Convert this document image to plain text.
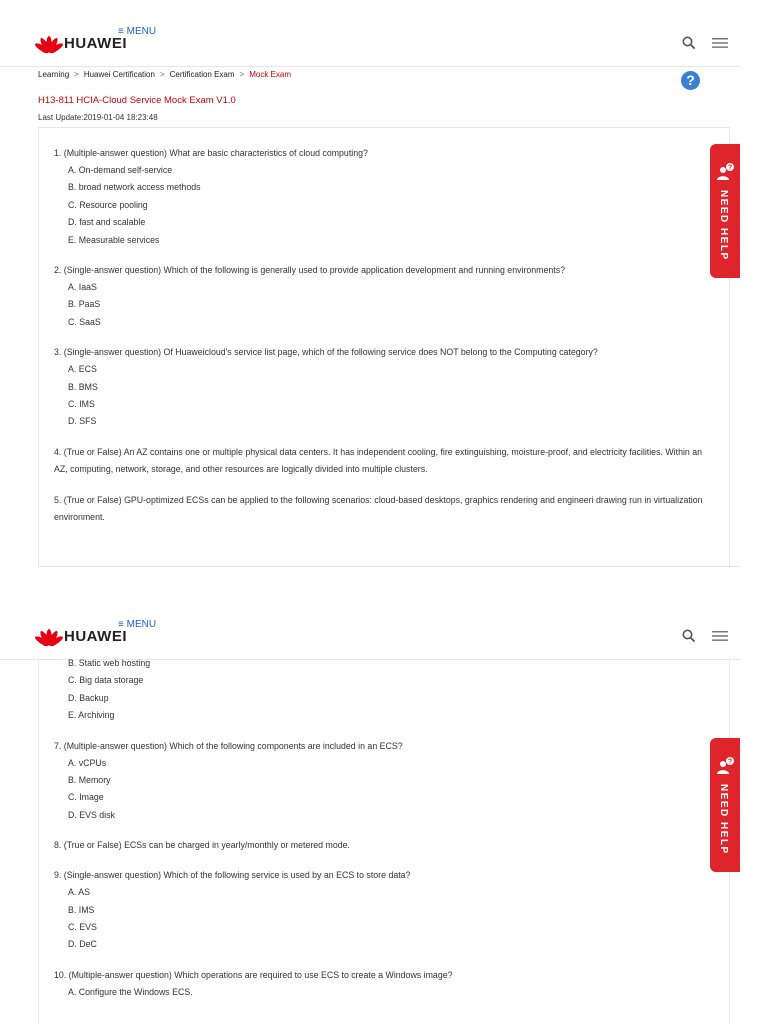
HUAWEI
≡ MENU
Learning > Huawei Certification > Certification Exam > Mock Exam	?
H13-811 HCIA-Cloud Service Mock Exam V1.0
Last Update:2019-01-04 18:23:48
1. (Multiple-answer question) What are basic characteristics of cloud computing?
A. On-demand self-service
B. broad network access methods
C. Resource pooling
D. fast and scalable
E. Measurable services
2. (Single-answer question) Which of the following is generally used to provide application development and running environments?
A. IaaS
B. PaaS
C. SaaS
3. (Single-answer question) Of Huaweicloud's service list page, which of the following service does NOT belong to the Computing category?
A. ECS
B. BMS
C. IMS
D. SFS
4. (True or False) An AZ contains one or multiple physical data centers. It has independent cooling, fire extinguishing, moisture-proof, and electricity facilities. Within an AZ, computing, network, storage, and other resources are logically divided into multiple clusters.
5. (True or False) GPU-optimized ECSs can be applied to the following scenarios: cloud-based desktops, graphics rendering and engineeri drawing run in virtualization environment.
?
NEED HELP
HUAWEI
≡ MENU
B. Static web hosting
C. Big data storage
D. Backup
E. Archiving
7. (Multiple-answer question) Which of the following components are included in an ECS?
A. vCPUs
B. Memory
C. Image
D. EVS disk
8. (True or False) ECSs can be charged in yearly/monthly or metered mode.
9. (Single-answer question) Which of the following service is used by an ECS to store data?
A. AS
B. IMS
C. EVS
D. DeC
10. (Multiple-answer question) Which operations are required to use ECS to create a Windows image?
A. Configure the Windows ECS.
?
NEED HELP
